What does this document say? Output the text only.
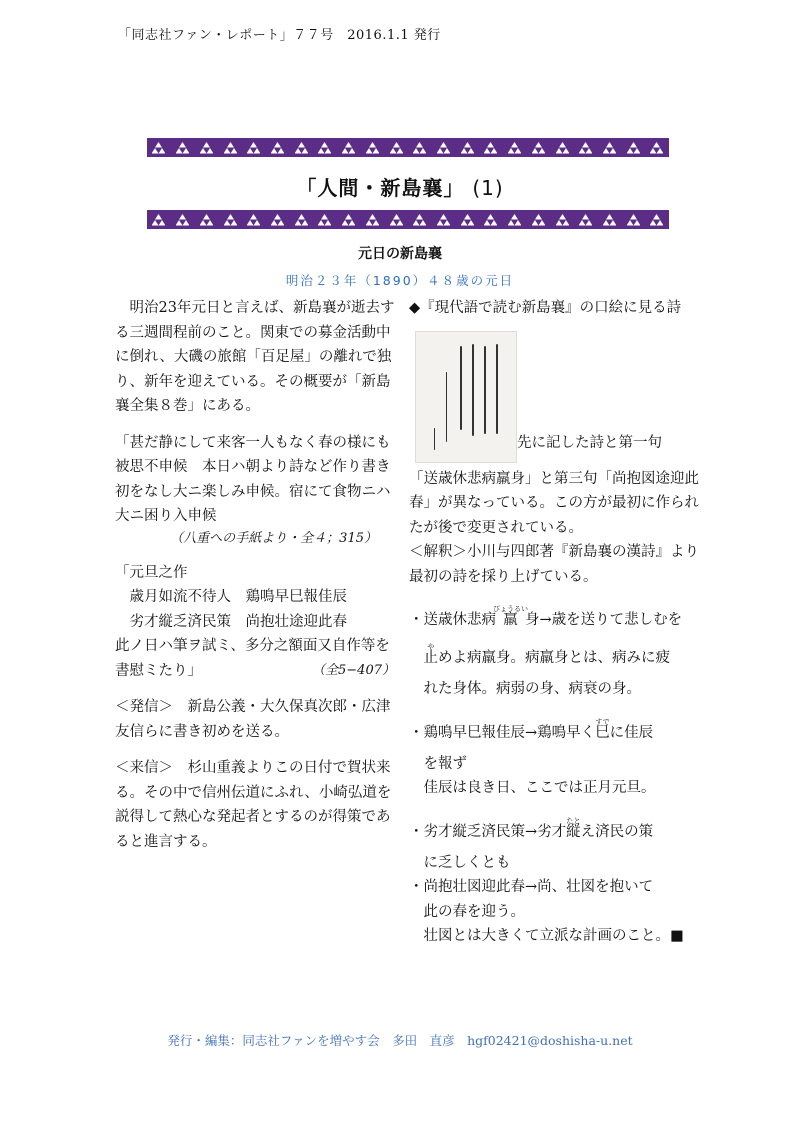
「同志社ファン・レポート」７７号　2016.1.1 発行
「人間・新島襄」 (1)
元日の新島襄
明治２３年（1890）４８歳の元日

明治23年元日と言えば、新島襄が逝去する三週間程前のこと。関東での募金活動中に倒れ、大磯の旅館「百足屋」の離れで独り、新年を迎えている。その概要が「新島襄全集８巻」にある。

「甚だ静にして来客一人もなく春の様にも被思不申候　本日ハ朝より詩など作り書き初をなし大ニ楽しみ申候。宿にて食物ニハ大ニ困り入申候

（八重への手紙より・全４；315）

「元旦之作

歳月如流不待人　鶏鳴早巳報佳辰

劣才縦乏済民策　尚抱壮途迎此春

此ノ日ハ筆ヲ試ミ、多分之額面又自作等を書慰ミたり」	（全5−407）

＜発信＞　新島公義・大久保真次郎・広津友信らに書き初めを送る。

＜来信＞　杉山重義よりこの日付で賀状来る。その中で信州伝道にふれ、小崎弘道を説得して熱心な発起者とするのが得策であると進言する。

◆『現代語で読む新島襄』の口絵に見る詩

先に記した詩と第一句

「送歳休悲病羸身」と第三句「尚抱図途迎此春」が異なっている。この方が最初に作られたが後で変更されている。

＜解釈＞小川与四郎著『新島襄の漢詩』より　最初の詩を採り上げている。

・送歳休悲病羸びょうるい身→歳を送りて悲しむを

止やめよ病羸身。病羸身とは、病みに疲

れた身体。病弱の身、病衰の身。

・鶏鳴早巳報佳辰→鶏鳴早く巳すでに佳辰

を報ず

佳辰は良き日、ここでは正月元旦。

・劣才縦乏済民策→劣才縦たとえ済民の策

に乏しくとも

・尚抱壮図迎此春→尚、壮図を抱いて

此の春を迎う。

壮図とは大きくて立派な計画のこと。■

発行・編集：同志社ファンを増やす会　多田　直彦　hgf02421@doshisha-u.net
